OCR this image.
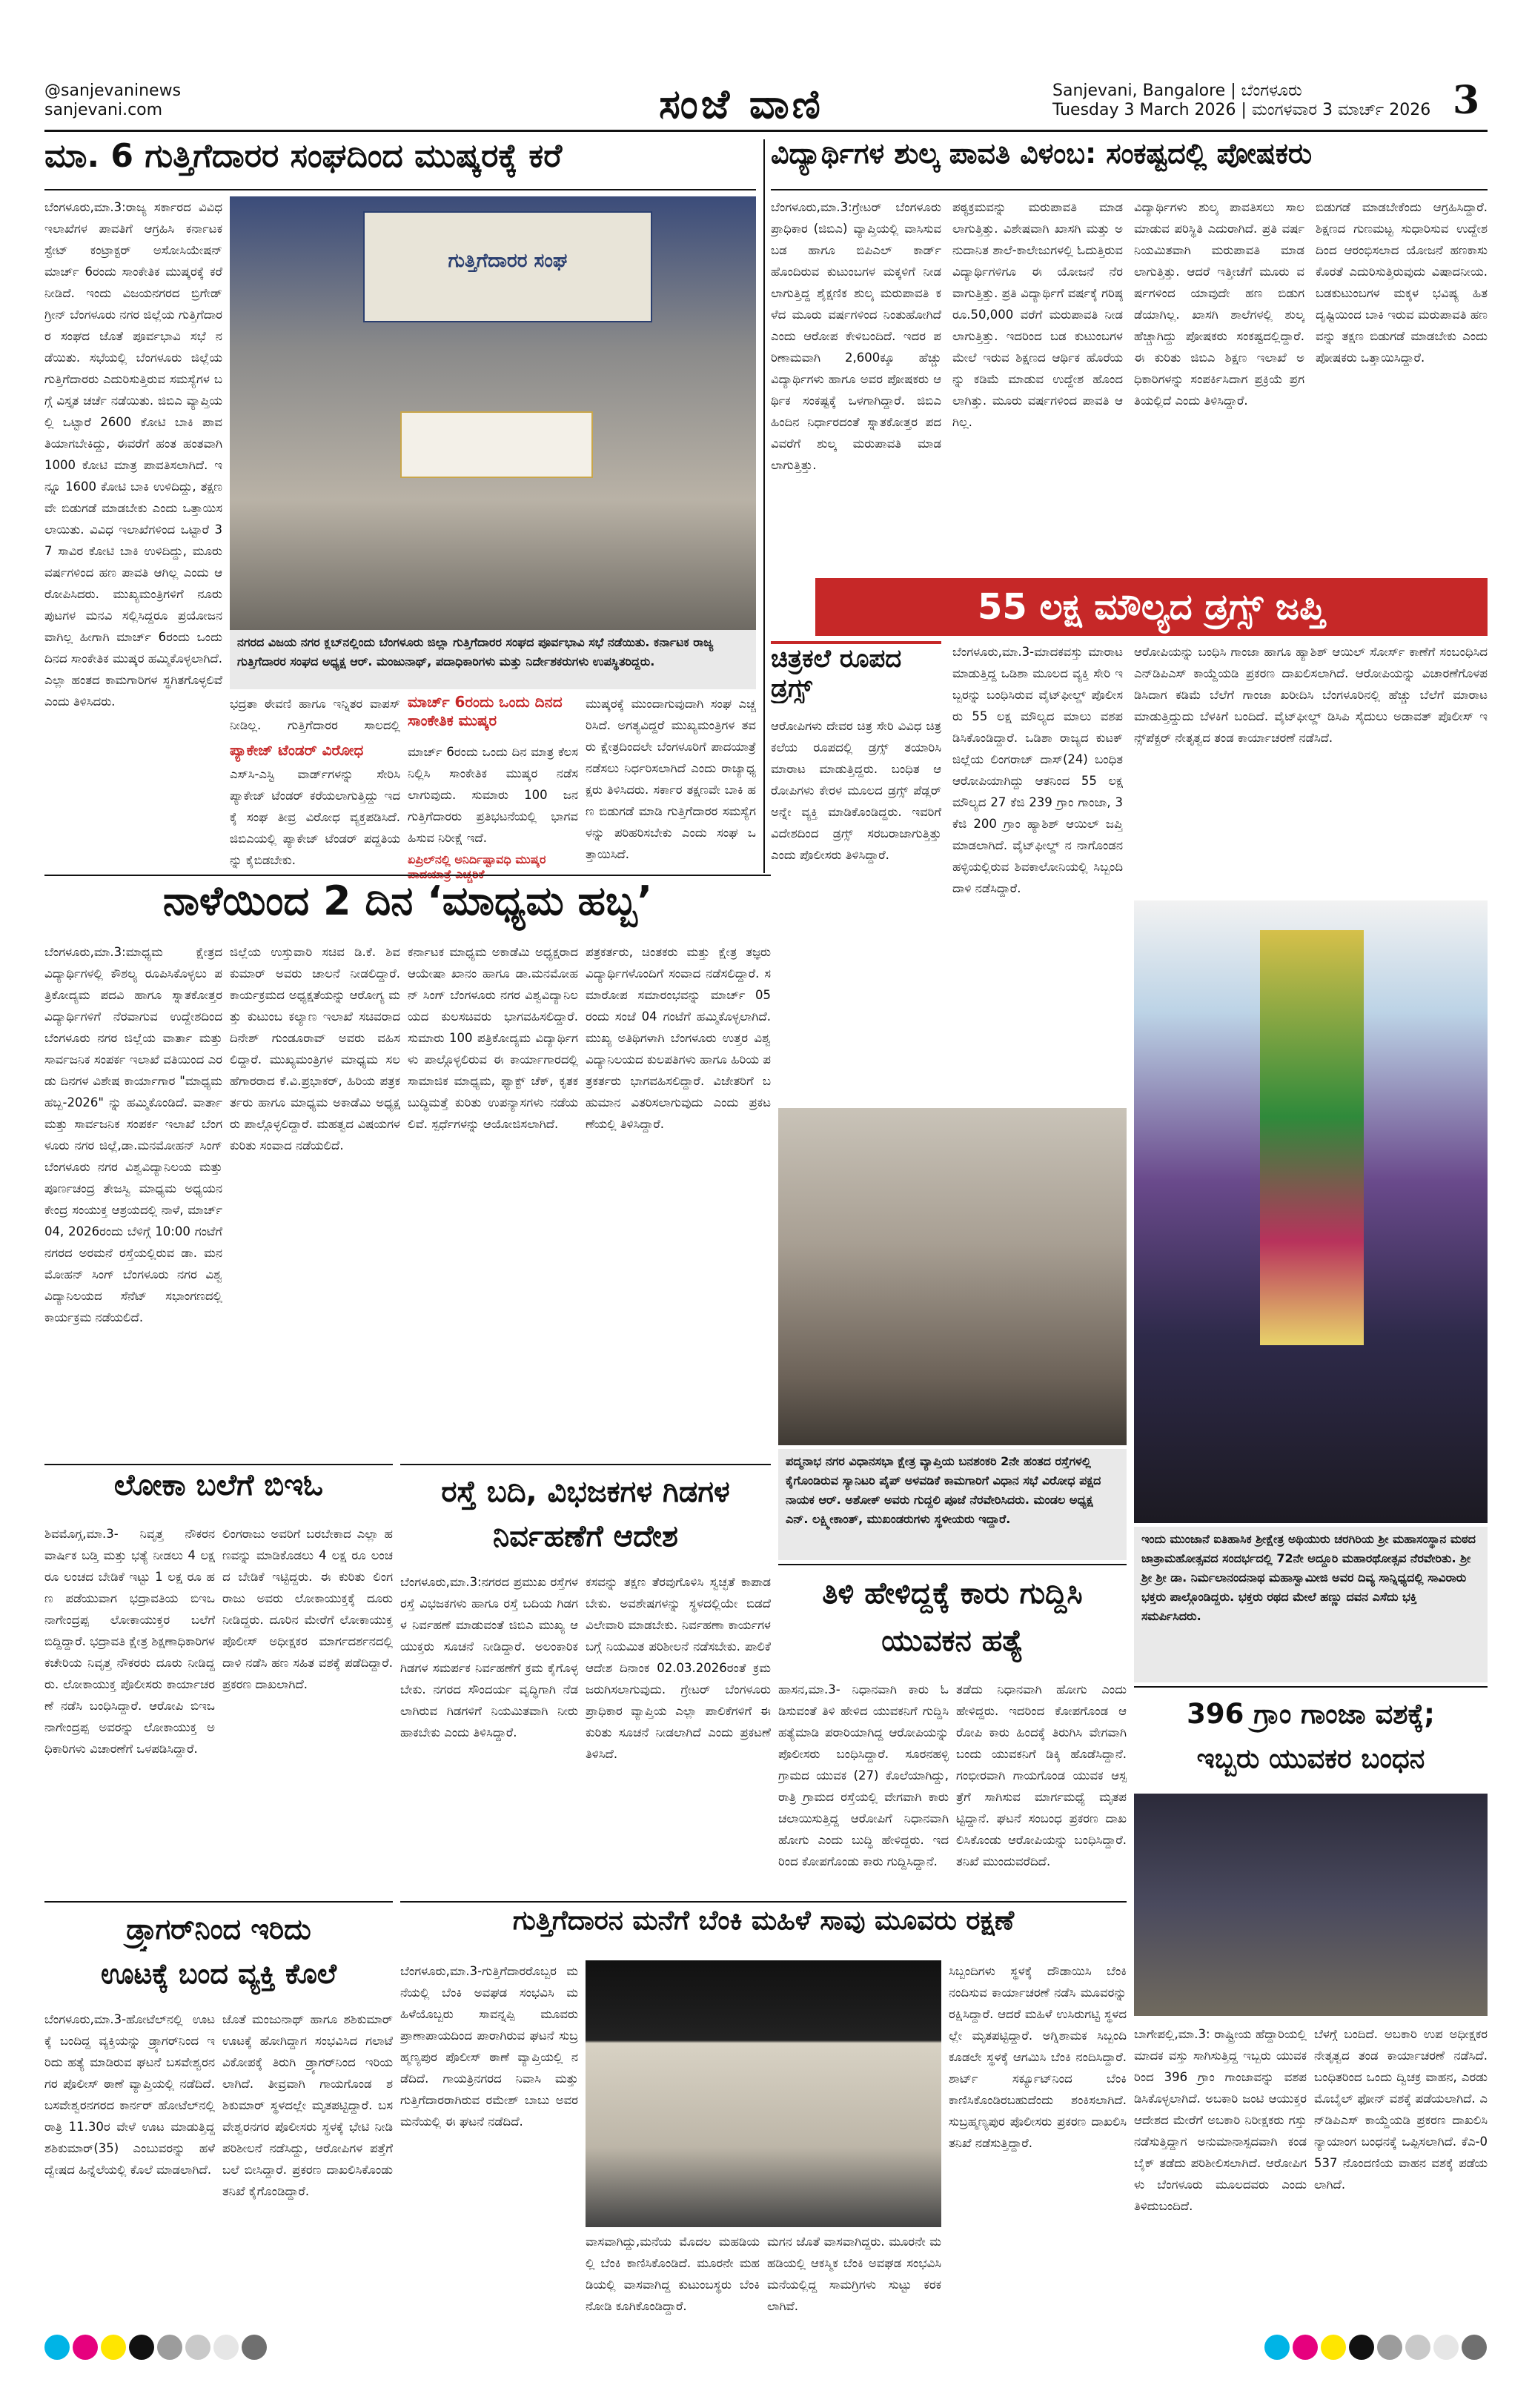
@sanjevaninews
sanjevani.com	ಸಂಜೆ ವಾಣಿ	Sanjevani, Bangalore | ಬೆಂಗಳೂರು
Tuesday 3 March 2026 | ಮಂಗಳವಾರ 3 ಮಾರ್ಚ್ 2026 3
ಮಾ. 6 ಗುತ್ತಿಗೆದಾರರ ಸಂಘದಿಂದ ಮುಷ್ಕರಕ್ಕೆ ಕರೆ
ಬೆಂಗಳೂರು,ಮಾ.3:ರಾಜ್ಯ ಸರ್ಕಾರದ ವಿವಿಧ ಇಲಾಖೆಗಳ ಪಾವತಿಗೆ ಆಗ್ರಹಿಸಿ ಕರ್ನಾಟಕ ಸ್ಟೇಟ್ ಕಂಟ್ರಾಕ್ಟರ್ ಅಸೋಸಿಯೇಷನ್ ಮಾರ್ಚ್ 6ರಂದು ಸಾಂಕೇತಿಕ ಮುಷ್ಕರಕ್ಕೆ ಕರೆ ನೀಡಿದೆ. ಇಂದು ವಿಜಯನಗರದ ಬ್ರಿಗೇಡ್ ಗ್ರೀನ್ ಬೆಂಗಳೂರು ನಗರ ಜಿಲ್ಲೆಯ ಗುತ್ತಿಗೆದಾರರ ಸಂಘದ ಜೊತೆ ಪೂರ್ವಭಾವಿ ಸಭೆ ನಡೆಯಿತು. ಸಭೆಯಲ್ಲಿ ಬೆಂಗಳೂರು ಜಿಲ್ಲೆಯ ಗುತ್ತಿಗೆದಾರರು ಎದುರಿಸುತ್ತಿರುವ ಸಮಸ್ಯೆಗಳ ಬಗ್ಗೆ ವಿಸ್ತೃತ ಚರ್ಚೆ ನಡೆಯಿತು. ಜಿಬಿಎ ವ್ಯಾಪ್ತಿಯಲ್ಲಿ ಒಟ್ಟಾರೆ 2600 ಕೋಟಿ ಬಾಕಿ ಪಾವತಿಯಾಗಬೇಕಿದ್ದು, ಈವರೆಗೆ ಹಂತ ಹಂತವಾಗಿ 1000 ಕೋಟಿ ಮಾತ್ರ ಪಾವತಿಸಲಾಗಿದೆ. ಇನ್ನೂ 1600 ಕೋಟಿ ಬಾಕಿ ಉಳಿದಿದ್ದು, ತಕ್ಷಣವೇ ಬಿಡುಗಡೆ ಮಾಡಬೇಕು ಎಂದು ಒತ್ತಾಯಿಸಲಾಯಿತು. ವಿವಿಧ ಇಲಾಖೆಗಳಿಂದ ಒಟ್ಟಾರೆ 37 ಸಾವಿರ ಕೋಟಿ ಬಾಕಿ ಉಳಿದಿದ್ದು, ಮೂರು ವರ್ಷಗಳಿಂದ ಹಣ ಪಾವತಿ ಆಗಿಲ್ಲ ಎಂದು ಆರೋಪಿಸಿದರು. ಮುಖ್ಯಮಂತ್ರಿಗಳಿಗೆ ನೂರು ಪುಟಗಳ ಮನವಿ ಸಲ್ಲಿಸಿದ್ದರೂ ಪ್ರಯೋಜನವಾಗಿಲ್ಲ ಹೀಗಾಗಿ ಮಾರ್ಚ್ 6ರಂದು ಒಂದು ದಿನದ ಸಾಂಕೇತಿಕ ಮುಷ್ಕರ ಹಮ್ಮಿಕೊಳ್ಳಲಾಗಿದೆ. ಎಲ್ಲಾ ಹಂತದ ಕಾಮಗಾರಿಗಳ ಸ್ಥಗಿತಗೊಳ್ಳಲಿವೆ ಎಂದು ತಿಳಿಸಿದರು.
ಗುತ್ತಿಗೆದಾರರ ಸಂಘ
ನಗರದ ವಿಜಯ ನಗರ ಕ್ಲಬ್‌ನಲ್ಲಿಂದು ಬೆಂಗಳೂರು ಜಿಲ್ಲಾ ಗುತ್ತಿಗೆದಾರರ ಸಂಘದ ಪೂರ್ವಭಾವಿ ಸಭೆ ನಡೆಯಿತು. ಕರ್ನಾಟಕ ರಾಜ್ಯ ಗುತ್ತಿಗೆದಾರರ ಸಂಘದ ಅಧ್ಯಕ್ಷ ಆರ್. ಮಂಜುನಾಥ್, ಪದಾಧಿಕಾರಿಗಳು ಮತ್ತು ನಿರ್ದೇಶಕರುಗಳು ಉಪಸ್ಥಿತರಿದ್ದರು.
ಭದ್ರತಾ ಠೇವಣಿ ಹಾಗೂ ಇನ್ನಿತರ ವಾಪಸ್ ನೀಡಿಲ್ಲ. ಗುತ್ತಿಗೆದಾರರ ಸಾಲದಲ್ಲಿ
ಮಾರ್ಚ್ 6ರಂದು ಒಂದು ದಿನದ ಸಾಂಕೇತಿಕ ಮುಷ್ಕರ
ಮಾರ್ಚ್ 6ರಂದು ಒಂದು ದಿನ ಮಾತ್ರ ಕೆಲಸ ನಿಲ್ಲಿಸಿ ಸಾಂಕೇತಿಕ ಮುಷ್ಕರ ನಡೆಸಲಾಗುವುದು. ಸುಮಾರು 100 ಜನ ಗುತ್ತಿಗೆದಾರರು ಪ್ರತಿಭಟನೆಯಲ್ಲಿ ಭಾಗವಹಿಸುವ ನಿರೀಕ್ಷೆ ಇದೆ.
ಪ್ಯಾಕೇಜ್ ಟೆಂಡರ್ ವಿರೋಧ
ಎಸ್‌ಸಿ-ಎಸ್ಟಿ ವಾರ್ಡ್‌ಗಳನ್ನು ಸೇರಿಸಿ ಪ್ಯಾಕೇಜ್ ಟೆಂಡರ್ ಕರೆಯಲಾಗುತ್ತಿದ್ದು ಇದಕ್ಕೆ ಸಂಘ ತೀವ್ರ ವಿರೋಧ ವ್ಯಕ್ತಪಡಿಸಿದೆ. ಜಿಬಿಎಯಲ್ಲಿ ಪ್ಯಾಕೇಜ್ ಟೆಂಡರ್ ಪದ್ದತಿಯನ್ನು ಕೈಬಿಡಬೇಕು.	ಏಪ್ರಿಲ್‌ನಲ್ಲಿ ಅನಿರ್ದಿಷ್ಟಾವಧಿ ಮುಷ್ಕರ
ಮುಷ್ಕರಕ್ಕೆ ಮುಂದಾಗುವುದಾಗಿ ಸಂಘ ಎಚ್ಚರಿಸಿದೆ. ಅಗತ್ಯವಿದ್ದರೆ ಮುಖ್ಯಮಂತ್ರಿಗಳ ತವರು ಕ್ಷೇತ್ರದಿಂದಲೇ ಬೆಂಗಳೂರಿಗೆ ಪಾದಯಾತ್ರೆ ನಡೆಸಲು ನಿರ್ಧರಿಸಲಾಗಿದೆ ಎಂದು ರಾಜ್ಯಾಧ್ಯಕ್ಷರು ತಿಳಿಸಿದರು. ಸರ್ಕಾರ ತಕ್ಷಣವೇ ಬಾಕಿ ಹಣ ಬಿಡುಗಡೆ ಮಾಡಿ ಗುತ್ತಿಗೆದಾರರ ಸಮಸ್ಯೆಗಳನ್ನು ಪರಿಹರಿಸಬೇಕು ಎಂದು ಸಂಘ ಒತ್ತಾಯಿಸಿದೆ.
ವಿದ್ಯಾರ್ಥಿಗಳ ಶುಲ್ಕ ಪಾವತಿ ವಿಳಂಬ: ಸಂಕಷ್ಟದಲ್ಲಿ ಪೋಷಕರು
ಬೆಂಗಳೂರು,ಮಾ.3:ಗ್ರೇಟರ್ ಬೆಂಗಳೂರು ಪ್ರಾಧಿಕಾರ (ಜಿಬಿಎ) ವ್ಯಾಪ್ತಿಯಲ್ಲಿ ವಾಸಿಸುವ ಬಡ ಹಾಗೂ ಬಿಪಿಎಲ್ ಕಾರ್ಡ್ ಹೊಂದಿರುವ ಕುಟುಂಬಗಳ ಮಕ್ಕಳಿಗೆ ನೀಡಲಾಗುತ್ತಿದ್ದ ಶೈಕ್ಷಣಿಕ ಶುಲ್ಕ ಮರುಪಾವತಿ ಕಳೆದ ಮೂರು ವರ್ಷಗಳಿಂದ ನಿಂತುಹೋಗಿದೆ ಎಂದು ಆರೋಪ ಕೇಳಿಬಂದಿದೆ. ಇದರ ಪರಿಣಾಮವಾಗಿ 2,600ಕ್ಕೂ ಹೆಚ್ಚು ವಿದ್ಯಾರ್ಥಿಗಳು ಹಾಗೂ ಅವರ ಪೋಷಕರು ಆರ್ಥಿಕ ಸಂಕಷ್ಟಕ್ಕೆ ಒಳಗಾಗಿದ್ದಾರೆ. ಜಿಬಿಎ ಹಿಂದಿನ ನಿರ್ಧಾರದಂತೆ ಸ್ನಾತಕೋತ್ತರ ಪದವಿವರೆಗೆ ಶುಲ್ಕ ಮರುಪಾವತಿ ಮಾಡಲಾಗುತ್ತಿತ್ತು.
ಪಠ್ಯಕ್ರಮವನ್ನು ಮರುಪಾವತಿ ಮಾಡಲಾಗುತ್ತಿತ್ತು. ವಿಶೇಷವಾಗಿ ಖಾಸಗಿ ಮತ್ತು ಅನುದಾನಿತ ಶಾಲೆ-ಕಾಲೇಜುಗಳಲ್ಲಿ ಓದುತ್ತಿರುವ ವಿದ್ಯಾರ್ಥಿಗಳಿಗೂ ಈ ಯೋಜನೆ ನೆರವಾಗುತ್ತಿತ್ತು. ಪ್ರತಿ ವಿದ್ಯಾರ್ಥಿಗೆ ವರ್ಷಕ್ಕೆ ಗರಿಷ್ಠ ರೂ.50,000 ವರೆಗೆ ಮರುಪಾವತಿ ನೀಡಲಾಗುತ್ತಿತ್ತು. ಇದರಿಂದ ಬಡ ಕುಟುಂಬಗಳ ಮೇಲೆ ಇರುವ ಶಿಕ್ಷಣದ ಆರ್ಥಿಕ ಹೊರೆಯನ್ನು ಕಡಿಮೆ ಮಾಡುವ ಉದ್ದೇಶ ಹೊಂದಲಾಗಿತ್ತು. ಮೂರು ವರ್ಷಗಳಿಂದ ಪಾವತಿ ಆಗಿಲ್ಲ.
ವಿದ್ಯಾರ್ಥಿಗಳು ಶುಲ್ಕ ಪಾವತಿಸಲು ಸಾಲ ಮಾಡುವ ಪರಿಸ್ಥಿತಿ ಎದುರಾಗಿದೆ. ಪ್ರತಿ ವರ್ಷ ನಿಯಮಿತವಾಗಿ ಮರುಪಾವತಿ ಮಾಡಲಾಗುತ್ತಿತ್ತು. ಆದರೆ ಇತ್ತೀಚೆಗೆ ಮೂರು ವರ್ಷಗಳಿಂದ ಯಾವುದೇ ಹಣ ಬಿಡುಗಡೆಯಾಗಿಲ್ಲ. ಖಾಸಗಿ ಶಾಲೆಗಳಲ್ಲಿ ಶುಲ್ಕ ಹೆಚ್ಚಾಗಿದ್ದು ಪೋಷಕರು ಸಂಕಷ್ಟದಲ್ಲಿದ್ದಾರೆ. ಈ ಕುರಿತು ಜಿಬಿಎ ಶಿಕ್ಷಣ ಇಲಾಖೆ ಅಧಿಕಾರಿಗಳನ್ನು ಸಂಪರ್ಕಿಸಿದಾಗ ಪ್ರಕ್ರಿಯೆ ಪ್ರಗತಿಯಲ್ಲಿದೆ ಎಂದು ತಿಳಿಸಿದ್ದಾರೆ.
ಬಿಡುಗಡೆ ಮಾಡಬೇಕೆಂದು ಆಗ್ರಹಿಸಿದ್ದಾರೆ. ಶಿಕ್ಷಣದ ಗುಣಮಟ್ಟ ಸುಧಾರಿಸುವ ಉದ್ದೇಶದಿಂದ ಆರಂಭಿಸಲಾದ ಯೋಜನೆ ಹಣಕಾಸು ಕೊರತೆ ಎದುರಿಸುತ್ತಿರುವುದು ವಿಷಾದನೀಯ. ಬಡಕುಟುಂಬಗಳ ಮಕ್ಕಳ ಭವಿಷ್ಯ ಹಿತದೃಷ್ಟಿಯಿಂದ ಬಾಕಿ ಇರುವ ಮರುಪಾವತಿ ಹಣವನ್ನು ತಕ್ಷಣ ಬಿಡುಗಡೆ ಮಾಡಬೇಕು ಎಂದು ಪೋಷಕರು ಒತ್ತಾಯಿಸಿದ್ದಾರೆ.
55 ಲಕ್ಷ ಮೌಲ್ಯದ ಡ್ರಗ್ಸ್ ಜಪ್ತಿ
ಚಿತ್ರಕಲೆ ರೂಪದ ಡ್ರಗ್ಸ್
ಆರೋಪಿಗಳು ದೇವರ ಚಿತ್ರ ಸೇರಿ ವಿವಿಧ ಚಿತ್ರಕಲೆಯ ರೂಪದಲ್ಲಿ ಡ್ರಗ್ಸ್ ತಯಾರಿಸಿ ಮಾರಾಟ ಮಾಡುತ್ತಿದ್ದರು. ಬಂಧಿತ ಆರೋಪಿಗಳು ಕೇರಳ ಮೂಲದ ಡ್ರಗ್ಸ್ ಪೆಡ್ಲರ್ ಅನ್ನೇ ವ್ಯಕ್ತಿ ಮಾಡಿಕೊಂಡಿದ್ದರು. ಇವರಿಗೆ ವಿದೇಶದಿಂದ ಡ್ರಗ್ಸ್ ಸರಬರಾಜಾಗುತ್ತಿತ್ತು ಎಂದು ಪೊಲೀಸರು ತಿಳಿಸಿದ್ದಾರೆ.
ಬೆಂಗಳೂರು,ಮಾ.3-ಮಾದಕವಸ್ತು ಮಾರಾಟ ಮಾಡುತ್ತಿದ್ದ ಒಡಿಶಾ ಮೂಲದ ವ್ಯಕ್ತಿ ಸೇರಿ ಇಬ್ಬರನ್ನು ಬಂಧಿಸಿರುವ ವೈಟ್‌ಫೀಲ್ಡ್ ಪೊಲೀಸರು 55 ಲಕ್ಷ ಮೌಲ್ಯದ ಮಾಲು ವಶಪಡಿಸಿಕೊಂಡಿದ್ದಾರೆ. ಒಡಿಶಾ ರಾಜ್ಯದ ಕುಟಕ್ ಜಿಲ್ಲೆಯ ಲಿಂಗರಾಜ್ ದಾಸ್(24) ಬಂಧಿತ ಆರೋಪಿಯಾಗಿದ್ದು ಆತನಿಂದ 55 ಲಕ್ಷ ಮೌಲ್ಯದ 27 ಕೆಜಿ 239 ಗ್ರಾಂ ಗಾಂಜಾ, 3 ಕೆಜಿ 200 ಗ್ರಾಂ ಹ್ಯಾಶಿಶ್ ಆಯಿಲ್ ಜಪ್ತಿ ಮಾಡಲಾಗಿದೆ. ವೈಟ್‌ಫೀಲ್ಡ್ ನ ನಾಗೊಂಡನಹಳ್ಳಿಯಲ್ಲಿರುವ ಶಿವಕಾಲೋನಿಯಲ್ಲಿ ಸಿಬ್ಬಂದಿ ದಾಳಿ ನಡೆಸಿದ್ದಾರೆ.
ಆರೋಪಿಯನ್ನು ಬಂಧಿಸಿ ಗಾಂಜಾ ಹಾಗೂ ಹ್ಯಾಶಿಶ್ ಆಯಿಲ್ ಸೋರ್ಸ್ ಕಾಣೆಗೆ ಸಂಬಂಧಿಸಿದ ಎನ್‌ಡಿಪಿಎಸ್ ಕಾಯ್ದೆಯಡಿ ಪ್ರಕರಣ ದಾಖಲಿಸಲಾಗಿದೆ. ಆರೋಪಿಯನ್ನು ವಿಚಾರಣೆಗೊಳಪಡಿಸಿದಾಗ ಕಡಿಮೆ ಬೆಲೆಗೆ ಗಾಂಜಾ ಖರೀದಿಸಿ ಬೆಂಗಳೂರಿನಲ್ಲಿ ಹೆಚ್ಚು ಬೆಲೆಗೆ ಮಾರಾಟ ಮಾಡುತ್ತಿದ್ದುದು ಬೆಳಕಿಗೆ ಬಂದಿದೆ. ವೈಟ್‌ಫೀಲ್ಡ್ ಡಿಸಿಪಿ ಸೈದುಲು ಅಡಾವತ್ ಪೊಲೀಸ್ ಇನ್ಸ್‌ಪೆಕ್ಟರ್ ನೇತೃತ್ವದ ತಂಡ ಕಾರ್ಯಾಚರಣೆ ನಡೆಸಿದೆ.
ನಾಳೆಯಿಂದ 2 ದಿನ ‘ಮಾಧ್ಯಮ ಹಬ್ಬ’
ಬೆಂಗಳೂರು,ಮಾ.3:ಮಾಧ್ಯಮ ಕ್ಷೇತ್ರದ ವಿದ್ಯಾರ್ಥಿಗಳಲ್ಲಿ ಕೌಶಲ್ಯ ರೂಪಿಸಿಕೊಳ್ಳಲು ಪತ್ರಿಕೋದ್ಯಮ ಪದವಿ ಹಾಗೂ ಸ್ನಾತಕೋತ್ತರ ವಿದ್ಯಾರ್ಥಿಗಳಿಗೆ ನೆರವಾಗುವ ಉದ್ದೇಶದಿಂದ ಬೆಂಗಳೂರು ನಗರ ಜಿಲ್ಲೆಯ ವಾರ್ತಾ ಮತ್ತು ಸಾರ್ವಜನಿಕ ಸಂಪರ್ಕ ಇಲಾಖೆ ವತಿಯಿಂದ ಎರಡು ದಿನಗಳ ವಿಶೇಷ ಕಾರ್ಯಾಗಾರ "ಮಾಧ್ಯಮ ಹಬ್ಬ-2026" ನ್ನು ಹಮ್ಮಿಕೊಂಡಿದೆ. ವಾರ್ತಾ ಮತ್ತು ಸಾರ್ವಜನಿಕ ಸಂಪರ್ಕ ಇಲಾಖೆ ಬೆಂಗಳೂರು ನಗರ ಜಿಲ್ಲೆ,ಡಾ.ಮನಮೋಹನ್ ಸಿಂಗ್ ಬೆಂಗಳೂರು ನಗರ ವಿಶ್ವವಿದ್ಯಾನಿಲಯ ಮತ್ತು ಪೂರ್ಣಚಂದ್ರ ತೇಜಸ್ವಿ ಮಾಧ್ಯಮ ಅಧ್ಯಯನ ಕೇಂದ್ರ ಸಂಯುಕ್ತ ಆಶ್ರಯದಲ್ಲಿ ನಾಳೆ, ಮಾರ್ಚ್ 04, 2026ರಂದು ಬೆಳಿಗ್ಗೆ 10:00 ಗಂಟೆಗೆ ನಗರದ ಅರಮನೆ ರಸ್ತೆಯಲ್ಲಿರುವ ಡಾ. ಮನಮೋಹನ್ ಸಿಂಗ್ ಬೆಂಗಳೂರು ನಗರ ವಿಶ್ವವಿದ್ಯಾನಿಲಯದ ಸೆನೆಟ್ ಸಭಾಂಗಣದಲ್ಲಿ ಕಾರ್ಯಕ್ರಮ ನಡೆಯಲಿದೆ.
ಜಿಲ್ಲೆಯ ಉಸ್ತುವಾರಿ ಸಚಿವ ಡಿ.ಕೆ. ಶಿವಕುಮಾರ್ ಅವರು ಚಾಲನೆ ನೀಡಲಿದ್ದಾರೆ. ಕಾರ್ಯಕ್ರಮದ ಅಧ್ಯಕ್ಷತೆಯನ್ನು ಆರೋಗ್ಯ ಮತ್ತು ಕುಟುಂಬ ಕಲ್ಯಾಣ ಇಲಾಖೆ ಸಚಿವರಾದ ದಿನೇಶ್ ಗುಂಡೂರಾವ್ ಅವರು ವಹಿಸಲಿದ್ದಾರೆ. ಮುಖ್ಯಮಂತ್ರಿಗಳ ಮಾಧ್ಯಮ ಸಲಹೆಗಾರರಾದ ಕೆ.ವಿ.ಪ್ರಭಾಕರ್, ಹಿರಿಯ ಪತ್ರಕರ್ತರು ಹಾಗೂ ಮಾಧ್ಯಮ ಅಕಾಡೆಮಿ ಅಧ್ಯಕ್ಷರು ಪಾಲ್ಗೊಳ್ಳಲಿದ್ದಾರೆ. ಮಹತ್ವದ ವಿಷಯಗಳ ಕುರಿತು ಸಂವಾದ ನಡೆಯಲಿದೆ.
ಕರ್ನಾಟಕ ಮಾಧ್ಯಮ ಅಕಾಡೆಮಿ ಅಧ್ಯಕ್ಷರಾದ ಆಯೇಷಾ ಖಾನಂ ಹಾಗೂ ಡಾ.ಮನಮೋಹನ್ ಸಿಂಗ್ ಬೆಂಗಳೂರು ನಗರ ವಿಶ್ವವಿದ್ಯಾನಿಲಯದ ಕುಲಸಚಿವರು ಭಾಗವಹಿಸಲಿದ್ದಾರೆ. ಸುಮಾರು 100 ಪತ್ರಿಕೋದ್ಯಮ ವಿದ್ಯಾರ್ಥಿಗಳು ಪಾಲ್ಗೊಳ್ಳಲಿರುವ ಈ ಕಾರ್ಯಾಗಾರದಲ್ಲಿ ಸಾಮಾಜಿಕ ಮಾಧ್ಯಮ, ಫ್ಯಾಕ್ಟ್ ಚೆಕ್, ಕೃತಕ ಬುದ್ಧಿಮತ್ತೆ ಕುರಿತು ಉಪನ್ಯಾಸಗಳು ನಡೆಯಲಿವೆ. ಸ್ಪರ್ಧೆಗಳನ್ನು ಆಯೋಜಿಸಲಾಗಿದೆ.
ಪತ್ರಕರ್ತರು, ಚಿಂತಕರು ಮತ್ತು ಕ್ಷೇತ್ರ ತಜ್ಞರು ವಿದ್ಯಾರ್ಥಿಗಳೊಂದಿಗೆ ಸಂವಾದ ನಡೆಸಲಿದ್ದಾರೆ. ಸಮಾರೋಪ ಸಮಾರಂಭವನ್ನು ಮಾರ್ಚ್ 05 ರಂದು ಸಂಜೆ 04 ಗಂಟೆಗೆ ಹಮ್ಮಿಕೊಳ್ಳಲಾಗಿದೆ. ಮುಖ್ಯ ಅತಿಥಿಗಳಾಗಿ ಬೆಂಗಳೂರು ಉತ್ತರ ವಿಶ್ವವಿದ್ಯಾನಿಲಯದ ಕುಲಪತಿಗಳು ಹಾಗೂ ಹಿರಿಯ ಪತ್ರಕರ್ತರು ಭಾಗವಹಿಸಲಿದ್ದಾರೆ. ವಿಜೇತರಿಗೆ ಬಹುಮಾನ ವಿತರಿಸಲಾಗುವುದು ಎಂದು ಪ್ರಕಟಣೆಯಲ್ಲಿ ತಿಳಿಸಿದ್ದಾರೆ.
ಪದ್ಮನಾಭ ನಗರ ವಿಧಾನಸಭಾ ಕ್ಷೇತ್ರ ವ್ಯಾಪ್ತಿಯ ಬನಶಂಕರಿ 2ನೇ ಹಂತದ ರಸ್ತೆಗಳಲ್ಲಿ ಕೈಗೊಂಡಿರುವ ಸ್ಯಾನಿಟರಿ ಪೈಪ್ ಅಳವಡಿಕೆ ಕಾಮಗಾರಿಗೆ ವಿಧಾನ ಸಭೆ ವಿರೋಧ ಪಕ್ಷದ ನಾಯಕ ಆರ್. ಅಶೋಕ್ ಅವರು ಗುದ್ದಲಿ ಪೂಜೆ ನೆರವೇರಿಸಿದರು. ಮಂಡಲ ಅಧ್ಯಕ್ಷ ಎನ್. ಲಕ್ಷ್ಮೀಕಾಂತ್, ಮುಖಂಡರುಗಳು ಸ್ಥಳೀಯರು ಇದ್ದಾರೆ.
ಇಂದು ಮುಂಜಾನೆ ಐತಿಹಾಸಿಕ ಶ್ರೀಕ್ಷೇತ್ರ ಅಥಿಯುರು ಚರಗಿರಿಯ ಶ್ರೀ ಮಹಾಸಂಸ್ಥಾನ ಮಠದ ಜಾತ್ರಾಮಹೋತ್ಸವದ ಸಂದರ್ಭದಲ್ಲಿ 72ನೇ ಅದ್ದೂರಿ ಮಹಾರಥೋತ್ಸವ ನೆರವೇರಿತು. ಶ್ರೀ ಶ್ರೀ ಶ್ರೀ ಡಾ. ನಿರ್ಮಲಾನಂದನಾಥ ಮಹಾಸ್ವಾಮೀಜಿ ಅವರ ದಿವ್ಯ ಸಾನ್ನಿಧ್ಯದಲ್ಲಿ ಸಾವಿರಾರು ಭಕ್ತರು ಪಾಲ್ಗೊಂಡಿದ್ದರು. ಭಕ್ತರು ರಥದ ಮೇಲೆ ಹಣ್ಣು ದವನ ಎಸೆದು ಭಕ್ತಿ ಸಮರ್ಪಿಸಿದರು.
ಲೋಕಾ ಬಲೆಗೆ ಬಿಇಓ
ಶಿವಮೊಗ್ಗ,ಮಾ.3- ನಿವೃತ್ತ ನೌಕರನ ವಾರ್ಷಿಕ ಬಡ್ತಿ ಮತ್ತು ಭತ್ಯೆ ನೀಡಲು 4 ಲಕ್ಷ ರೂ ಲಂಚದ ಬೇಡಿಕೆ ಇಟ್ಟು 1 ಲಕ್ಷ ರೂ ಹಣ ಪಡೆಯುವಾಗ ಭದ್ರಾವತಿಯ ಬಿಇಒ ನಾಗೇಂದ್ರಪ್ಪ ಲೋಕಾಯುಕ್ತರ ಬಲೆಗೆ ಬಿದ್ದಿದ್ದಾರೆ. ಭದ್ರಾವತಿ ಕ್ಷೇತ್ರ ಶಿಕ್ಷಣಾಧಿಕಾರಿಗಳ ಕಚೇರಿಯ ನಿವೃತ್ತ ನೌಕರರು ದೂರು ನೀಡಿದ್ದರು. ಲೋಕಾಯುಕ್ತ ಪೊಲೀಸರು ಕಾರ್ಯಾಚರಣೆ ನಡೆಸಿ ಬಂಧಿಸಿದ್ದಾರೆ. ಆರೋಪಿ ಬಿಇಒ ನಾಗೇಂದ್ರಪ್ಪ ಅವರನ್ನು ಲೋಕಾಯುಕ್ತ ಅಧಿಕಾರಿಗಳು ವಿಚಾರಣೆಗೆ ಒಳಪಡಿಸಿದ್ದಾರೆ.
ಲಿಂಗರಾಜು ಅವರಿಗೆ ಬರಬೇಕಾದ ಎಲ್ಲಾ ಹಣವನ್ನು ಮಾಡಿಕೊಡಲು 4 ಲಕ್ಷ ರೂ ಲಂಚದ ಬೇಡಿಕೆ ಇಟ್ಟಿದ್ದರು. ಈ ಕುರಿತು ಲಿಂಗರಾಜು ಅವರು ಲೋಕಾಯುಕ್ತಕ್ಕೆ ದೂರು ನೀಡಿದ್ದರು. ದೂರಿನ ಮೇರೆಗೆ ಲೋಕಾಯುಕ್ತ ಪೊಲೀಸ್ ಅಧೀಕ್ಷಕರ ಮಾರ್ಗದರ್ಶನದಲ್ಲಿ ದಾಳಿ ನಡೆಸಿ ಹಣ ಸಹಿತ ವಶಕ್ಕೆ ಪಡೆದಿದ್ದಾರೆ. ಪ್ರಕರಣ ದಾಖಲಾಗಿದೆ.
ರಸ್ತೆ ಬದಿ, ವಿಭಜಕಗಳ ಗಿಡಗಳ ನಿರ್ವಹಣೆಗೆ ಆದೇಶ
ಬೆಂಗಳೂರು,ಮಾ.3:ನಗರದ ಪ್ರಮುಖ ರಸ್ತೆಗಳ ರಸ್ತೆ ವಿಭಜಕಗಳು ಹಾಗೂ ರಸ್ತೆ ಬದಿಯ ಗಿಡಗಳ ನಿರ್ವಹಣೆ ಮಾಡುವಂತೆ ಜಿಬಿಎ ಮುಖ್ಯ ಆಯುಕ್ತರು ಸೂಚನೆ ನೀಡಿದ್ದಾರೆ. ಅಲಂಕಾರಿಕ ಗಿಡಗಳ ಸಮರ್ಪಕ ನಿರ್ವಹಣೆಗೆ ಕ್ರಮ ಕೈಗೊಳ್ಳಬೇಕು. ನಗರದ ಸೌಂದರ್ಯ ವೃದ್ಧಿಗಾಗಿ ನೆಡಲಾಗಿರುವ ಗಿಡಗಳಿಗೆ ನಿಯಮಿತವಾಗಿ ನೀರು ಹಾಕಬೇಕು ಎಂದು ತಿಳಿಸಿದ್ದಾರೆ.
ಕಸವನ್ನು ತಕ್ಷಣ ತೆರವುಗೊಳಿಸಿ ಸ್ವಚ್ಛತೆ ಕಾಪಾಡಬೇಕು. ಅವಶೇಷಗಳನ್ನು ಸ್ಥಳದಲ್ಲಿಯೇ ಬಿಡದೆ ವಿಲೇವಾರಿ ಮಾಡಬೇಕು. ನಿರ್ವಹಣಾ ಕಾರ್ಯಗಳ ಬಗ್ಗೆ ನಿಯಮಿತ ಪರಿಶೀಲನೆ ನಡೆಸಬೇಕು. ಪಾಲಿಕೆ ಆದೇಶ ದಿನಾಂಕ 02.03.2026ರಂತೆ ಕ್ರಮ ಜರುಗಿಸಲಾಗುವುದು. ಗ್ರೇಟರ್ ಬೆಂಗಳೂರು ಪ್ರಾಧಿಕಾರ ವ್ಯಾಪ್ತಿಯ ಎಲ್ಲಾ ಪಾಲಿಕೆಗಳಿಗೆ ಈ ಕುರಿತು ಸೂಚನೆ ನೀಡಲಾಗಿದೆ ಎಂದು ಪ್ರಕಟಣೆ ತಿಳಿಸಿದೆ.
ತಿಳಿ ಹೇಳಿದ್ದಕ್ಕೆ ಕಾರು ಗುದ್ದಿಸಿ ಯುವಕನ ಹತ್ಯೆ
ಹಾಸನ,ಮಾ.3- ನಿಧಾನವಾಗಿ ಕಾರು ಓಡಿಸುವಂತೆ ತಿಳಿ ಹೇಳಿದ ಯುವಕನಿಗೆ ಗುದ್ದಿಸಿ ಹತ್ಯೆಮಾಡಿ ಪರಾರಿಯಾಗಿದ್ದ ಆರೋಪಿಯನ್ನು ಪೊಲೀಸರು ಬಂಧಿಸಿದ್ದಾರೆ. ಸೂರನಹಳ್ಳಿ ಗ್ರಾಮದ ಯುವಕ (27) ಕೊಲೆಯಾಗಿದ್ದು, ರಾತ್ರಿ ಗ್ರಾಮದ ರಸ್ತೆಯಲ್ಲಿ ವೇಗವಾಗಿ ಕಾರು ಚಲಾಯಿಸುತ್ತಿದ್ದ ಆರೋಪಿಗೆ ನಿಧಾನವಾಗಿ ಹೋಗು ಎಂದು ಬುದ್ಧಿ ಹೇಳಿದ್ದರು. ಇದರಿಂದ ಕೋಪಗೊಂಡು ಕಾರು ಗುದ್ದಿಸಿದ್ದಾನೆ.
ತಡೆದು ನಿಧಾನವಾಗಿ ಹೋಗು ಎಂದು ಹೇಳಿದ್ದರು. ಇದರಿಂದ ಕೋಪಗೊಂಡ ಆರೋಪಿ ಕಾರು ಹಿಂದಕ್ಕೆ ತಿರುಗಿಸಿ ವೇಗವಾಗಿ ಬಂದು ಯುವಕನಿಗೆ ಡಿಕ್ಕಿ ಹೊಡೆಸಿದ್ದಾನೆ. ಗಂಭೀರವಾಗಿ ಗಾಯಗೊಂಡ ಯುವಕ ಆಸ್ಪತ್ರೆಗೆ ಸಾಗಿಸುವ ಮಾರ್ಗಮಧ್ಯೆ ಮೃತಪಟ್ಟಿದ್ದಾನೆ. ಘಟನೆ ಸಂಬಂಧ ಪ್ರಕರಣ ದಾಖಲಿಸಿಕೊಂಡು ಆರೋಪಿಯನ್ನು ಬಂಧಿಸಿದ್ದಾರೆ. ತನಿಖೆ ಮುಂದುವರೆದಿದೆ.
396 ಗ್ರಾಂ ಗಾಂಜಾ ವಶಕ್ಕೆ;
ಇಬ್ಬರು ಯುವಕರ ಬಂಧನ
ಬಾಗೇಪಲ್ಲಿ,ಮಾ.3: ರಾಷ್ಟ್ರೀಯ ಹೆದ್ದಾರಿಯಲ್ಲಿ ಮಾದಕ ವಸ್ತು ಸಾಗಿಸುತ್ತಿದ್ದ ಇಬ್ಬರು ಯುವಕರಿಂದ 396 ಗ್ರಾಂ ಗಾಂಜಾವನ್ನು ವಶಪಡಿಸಿಕೊಳ್ಳಲಾಗಿದೆ. ಅಬಕಾರಿ ಜಂಟಿ ಆಯುಕ್ತರ ಆದೇಶದ ಮೇರೆಗೆ ಅಬಕಾರಿ ನಿರೀಕ್ಷಕರು ಗಸ್ತು ನಡೆಸುತ್ತಿದ್ದಾಗ ಅನುಮಾನಾಸ್ಪದವಾಗಿ ಕಂಡ ಬೈಕ್ ತಡೆದು ಪರಿಶೀಲಿಸಲಾಗಿದೆ. ಆರೋಪಿಗಳು ಬೆಂಗಳೂರು ಮೂಲದವರು ಎಂದು ತಿಳಿದುಬಂದಿದೆ.
ಬೆಳಗ್ಗೆ ಬಂದಿದೆ. ಅಬಕಾರಿ ಉಪ ಅಧೀಕ್ಷಕರ ನೇತೃತ್ವದ ತಂಡ ಕಾರ್ಯಾಚರಣೆ ನಡೆಸಿದೆ. ಬಂಧಿತರಿಂದ ಒಂದು ದ್ವಿಚಕ್ರ ವಾಹನ, ಎರಡು ಮೊಬೈಲ್ ಫೋನ್ ವಶಕ್ಕೆ ಪಡೆಯಲಾಗಿದೆ. ಎನ್‌ಡಿಪಿಎಸ್ ಕಾಯ್ದೆಯಡಿ ಪ್ರಕರಣ ದಾಖಲಿಸಿ ನ್ಯಾಯಾಂಗ ಬಂಧನಕ್ಕೆ ಒಪ್ಪಿಸಲಾಗಿದೆ. ಕೆಎ-0537 ನೊಂದಣಿಯ ವಾಹನ ವಶಕ್ಕೆ ಪಡೆಯಲಾಗಿದೆ.
ಡ್ರ್ಯಾಗರ್‌ನಿಂದ ಇರಿದು
ಊಟಕ್ಕೆ ಬಂದ ವ್ಯಕ್ತಿ ಕೊಲೆ
ಬೆಂಗಳೂರು,ಮಾ.3-ಹೋಟೆಲ್‌ನಲ್ಲಿ ಊಟಕ್ಕೆ ಬಂದಿದ್ದ ವ್ಯಕ್ತಿಯನ್ನು ಡ್ರ್ಯಾಗರ್‌ನಿಂದ ಇರಿದು ಹತ್ಯೆ ಮಾಡಿರುವ ಘಟನೆ ಬಸವೇಶ್ವರನಗರ ಪೊಲೀಸ್ ಠಾಣೆ ವ್ಯಾಪ್ತಿಯಲ್ಲಿ ನಡೆದಿದೆ. ಬಸವೇಶ್ವರನಗರದ ಕಾರ್ನರ್ ಹೋಟೆಲ್‌ನಲ್ಲಿ ರಾತ್ರಿ 11.30ರ ವೇಳೆ ಊಟ ಮಾಡುತ್ತಿದ್ದ ಶಶಿಕುಮಾರ್(35) ಎಂಬುವರನ್ನು ಹಳೆ ದ್ವೇಷದ ಹಿನ್ನೆಲೆಯಲ್ಲಿ ಕೊಲೆ ಮಾಡಲಾಗಿದೆ.
ಜೊತೆ ಮಂಜುನಾಥ್ ಹಾಗೂ ಶಶಿಕುಮಾರ್ ಊಟಕ್ಕೆ ಹೋಗಿದ್ದಾಗ ಸಂಭವಿಸಿದ ಗಲಾಟೆ ವಿಕೋಪಕ್ಕೆ ತಿರುಗಿ ಡ್ರ್ಯಾಗರ್‌ನಿಂದ ಇರಿಯಲಾಗಿದೆ. ತೀವ್ರವಾಗಿ ಗಾಯಗೊಂಡ ಶಶಿಕುಮಾರ್ ಸ್ಥಳದಲ್ಲೇ ಮೃತಪಟ್ಟಿದ್ದಾರೆ. ಬಸವೇಶ್ವರನಗರ ಪೊಲೀಸರು ಸ್ಥಳಕ್ಕೆ ಭೇಟಿ ನೀಡಿ ಪರಿಶೀಲನೆ ನಡೆಸಿದ್ದು, ಆರೋಪಿಗಳ ಪತ್ತೆಗೆ ಬಲೆ ಬೀಸಿದ್ದಾರೆ. ಪ್ರಕರಣ ದಾಖಲಿಸಿಕೊಂಡು ತನಿಖೆ ಕೈಗೊಂಡಿದ್ದಾರೆ.
ಗುತ್ತಿಗೆದಾರನ ಮನೆಗೆ ಬೆಂಕಿ ಮಹಿಳೆ ಸಾವು ಮೂವರು ರಕ್ಷಣೆ
ಬೆಂಗಳೂರು,ಮಾ.3-ಗುತ್ತಿಗೆದಾರರೊಬ್ಬರ ಮನೆಯಲ್ಲಿ ಬೆಂಕಿ ಅವಘಡ ಸಂಭವಿಸಿ ಮಹಿಳೆಯೊಬ್ಬರು ಸಾವನ್ನಪ್ಪಿ ಮೂವರು ಪ್ರಾಣಾಪಾಯದಿಂದ ಪಾರಾಗಿರುವ ಘಟನೆ ಸುಬ್ರಹ್ಮಣ್ಯಪುರ ಪೊಲೀಸ್ ಠಾಣೆ ವ್ಯಾಪ್ತಿಯಲ್ಲಿ ನಡೆದಿದೆ. ಗಾಯತ್ರಿನಗರದ ನಿವಾಸಿ ಮತ್ತು ಗುತ್ತಿಗೆದಾರರಾಗಿರುವ ರಮೇಶ್ ಬಾಬು ಅವರ ಮನೆಯಲ್ಲಿ ಈ ಘಟನೆ ನಡೆದಿದೆ.
ವಾಸವಾಗಿದ್ದು,ಮನೆಯ ಮೊದಲ ಮಹಡಿಯಲ್ಲಿ ಬೆಂಕಿ ಕಾಣಿಸಿಕೊಂಡಿದೆ. ಮೂರನೇ ಮಹಡಿಯಲ್ಲಿ ವಾಸವಾಗಿದ್ದ ಕುಟುಂಬಸ್ಥರು ಬೆಂಕಿ ನೋಡಿ ಕೂಗಿಕೊಂಡಿದ್ದಾರೆ.
ಮಗನ ಜೊತೆ ವಾಸವಾಗಿದ್ದರು. ಮೂರನೇ ಮಹಡಿಯಲ್ಲಿ ಆಕಸ್ಮಿಕ ಬೆಂಕಿ ಅವಘಡ ಸಂಭವಿಸಿ ಮನೆಯಲ್ಲಿದ್ದ ಸಾಮಗ್ರಿಗಳು ಸುಟ್ಟು ಕರಕಲಾಗಿವೆ.
ಸಿಬ್ಬಂದಿಗಳು ಸ್ಥಳಕ್ಕೆ ದೌಡಾಯಿಸಿ ಬೆಂಕಿ ನಂದಿಸುವ ಕಾರ್ಯಾಚರಣೆ ನಡೆಸಿ ಮೂವರನ್ನು ರಕ್ಷಿಸಿದ್ದಾರೆ. ಆದರೆ ಮಹಿಳೆ ಉಸಿರುಗಟ್ಟಿ ಸ್ಥಳದಲ್ಲೇ ಮೃತಪಟ್ಟಿದ್ದಾರೆ. ಅಗ್ನಿಶಾಮಕ ಸಿಬ್ಬಂದಿ ಕೂಡಲೇ ಸ್ಥಳಕ್ಕೆ ಆಗಮಿಸಿ ಬೆಂಕಿ ನಂದಿಸಿದ್ದಾರೆ. ಶಾರ್ಟ್ ಸರ್ಕ್ಯೂಟ್‌ನಿಂದ ಬೆಂಕಿ ಕಾಣಿಸಿಕೊಂಡಿರಬಹುದೆಂದು ಶಂಕಿಸಲಾಗಿದೆ. ಸುಬ್ರಹ್ಮಣ್ಯಪುರ ಪೊಲೀಸರು ಪ್ರಕರಣ ದಾಖಲಿಸಿ ತನಿಖೆ ನಡೆಸುತ್ತಿದ್ದಾರೆ.
